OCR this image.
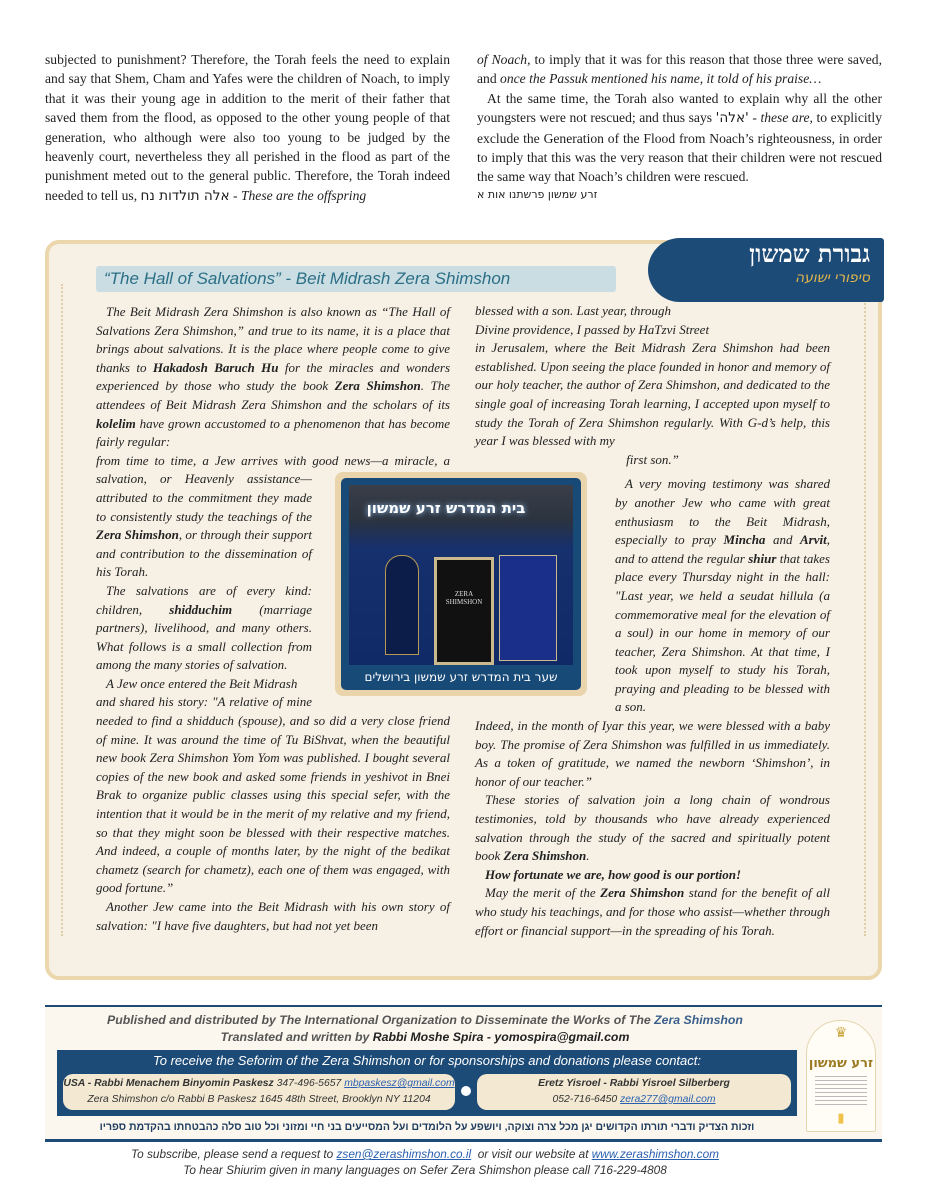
subjected to punishment? Therefore, the Torah feels the need to explain and say that Shem, Cham and Yafes were the children of Noach, to imply that it was their young age in addition to the merit of their father that saved them from the flood, as opposed to the other young people of that generation, who although were also too young to be judged by the heavenly court, nevertheless they all perished in the flood as part of the punishment meted out to the general public. Therefore, the Torah indeed needed to tell us, אלה תולדות נח - These are the offspring

of Noach, to imply that it was for this reason that those three were saved, and once the Passuk mentioned his name, it told of his praise…

At the same time, the Torah also wanted to explain why all the other youngsters were not rescued; and thus says 'אלה' - these are, to explicitly exclude the Generation of the Flood from Noach’s righteousness, in order to imply that this was the very reason that their children were not rescued the same way that Noach’s children were rescued.

זרע שמשון פרשתנו אות א
“The Hall of Salvations” - Beit Midrash Zera Shimshon
גבורת שמשון
סיפורי ישועה

The Beit Midrash Zera Shimshon is also known as “The Hall of Salvations Zera Shimshon,” and true to its name, it is a place that brings about salvations. It is the place where people come to give thanks to Hakadosh Baruch Hu for the miracles and wonders experienced by those who study the book Zera Shimshon. The attendees of Beit Midrash Zera Shimshon and the scholars of its kolelim have grown accustomed to a phenomenon that has become fairly regular:

from time to time, a Jew arrives with good news—a miracle, a salvation, or Heavenly assistance—attributed to the commitment they made to consistently study the teachings of the Zera Shimshon, or through their support and contribution to the dissemination of his Torah.

The salvations are of every kind: children, shidduchim (marriage partners), livelihood, and many others. What follows is a small collection from among the many stories of salvation.

A Jew once entered the Beit Midrash

and shared his story: "A relative of mine needed to find a shidduch (spouse), and so did a very close friend of mine. It was around the time of Tu BiShvat, when the beautiful new book Zera Shimshon Yom Yom was published. I bought several copies of the new book and asked some friends in yeshivot in Bnei Brak to organize public classes using this special sefer, with the intention that it would be in the merit of my relative and my friend, so that they might soon be blessed with their respective matches. And indeed, a couple of months later, by the night of the bedikat chametz (search for chametz), each one of them was engaged, with good fortune.”

Another Jew came into the Beit Midrash with his own story of salvation: "I have five daughters, but had not yet been

blessed with a son. Last year, through
Divine providence, I passed by HaTzvi Street

in Jerusalem, where the Beit Midrash Zera Shimshon had been established. Upon seeing the place founded in honor and memory of our holy teacher, the author of Zera Shimshon, and dedicated to the single goal of increasing Torah learning, I accepted upon myself to study the Torah of Zera Shimshon regularly. With G-d’s help, this year I was blessed with my

first son.”

A very moving testimony was shared by another Jew who came with great enthusiasm to the Beit Midrash, especially to pray Mincha and Arvit, and to attend the regular shiur that takes place every Thursday night in the hall: "Last year, we held a seudat hillula (a commemorative meal for the elevation of a soul) in our home in memory of our teacher, Zera Shimshon. At that time, I took upon myself to study his Torah, praying and pleading to be blessed with a son.

Indeed, in the month of Iyar this year, we were blessed with a baby boy. The promise of Zera Shimshon was fulfilled in us immediately. As a token of gratitude, we named the newborn ‘Shimshon’, in honor of our teacher.”

These stories of salvation join a long chain of wondrous testimonies, told by thousands who have already experienced salvation through the study of the sacred and spiritually potent book Zera Shimshon.

How fortunate we are, how good is our portion!

May the merit of the Zera Shimshon stand for the benefit of all who study his teachings, and for those who assist—whether through effort or financial support—in the spreading of his Torah.

בית המדרש זרע שמשון
ZERA SHIMSHON
שער בית המדרש זרע שמשון בירושלים
Published and distributed by The International Organization to Disseminate the Works of The Zera Shimshon
Translated and written by Rabbi Moshe Spira - yomospira@gmail.com
To receive the Seforim of the Zera Shimshon or for sponsorships and donations please contact:
USA - Rabbi Menachem Binyomin Paskesz 347-496-5657 mbpaskesz@gmail.com
Zera Shimshon c/o Rabbi B Paskesz 1645 48th Street, Brooklyn NY 11204
Eretz Yisroel - Rabbi Yisroel Silberberg
052-716-6450 zera277@gmail.com
וזכות הצדיק ודברי תורתו הקדושים יגן מכל צרה וצוקה, ויושפע על הלומדים ועל המסייעים בני חיי ומזוני וכל טוב סלה כהבטחתו בהקדמת ספריו
♛
זרע שמשון
▮
To subscribe, please send a request to zsen@zerashimshon.co.il or visit our website at www.zerashimshon.com
To hear Shiurim given in many languages on Sefer Zera Shimshon please call 716-229-4808
